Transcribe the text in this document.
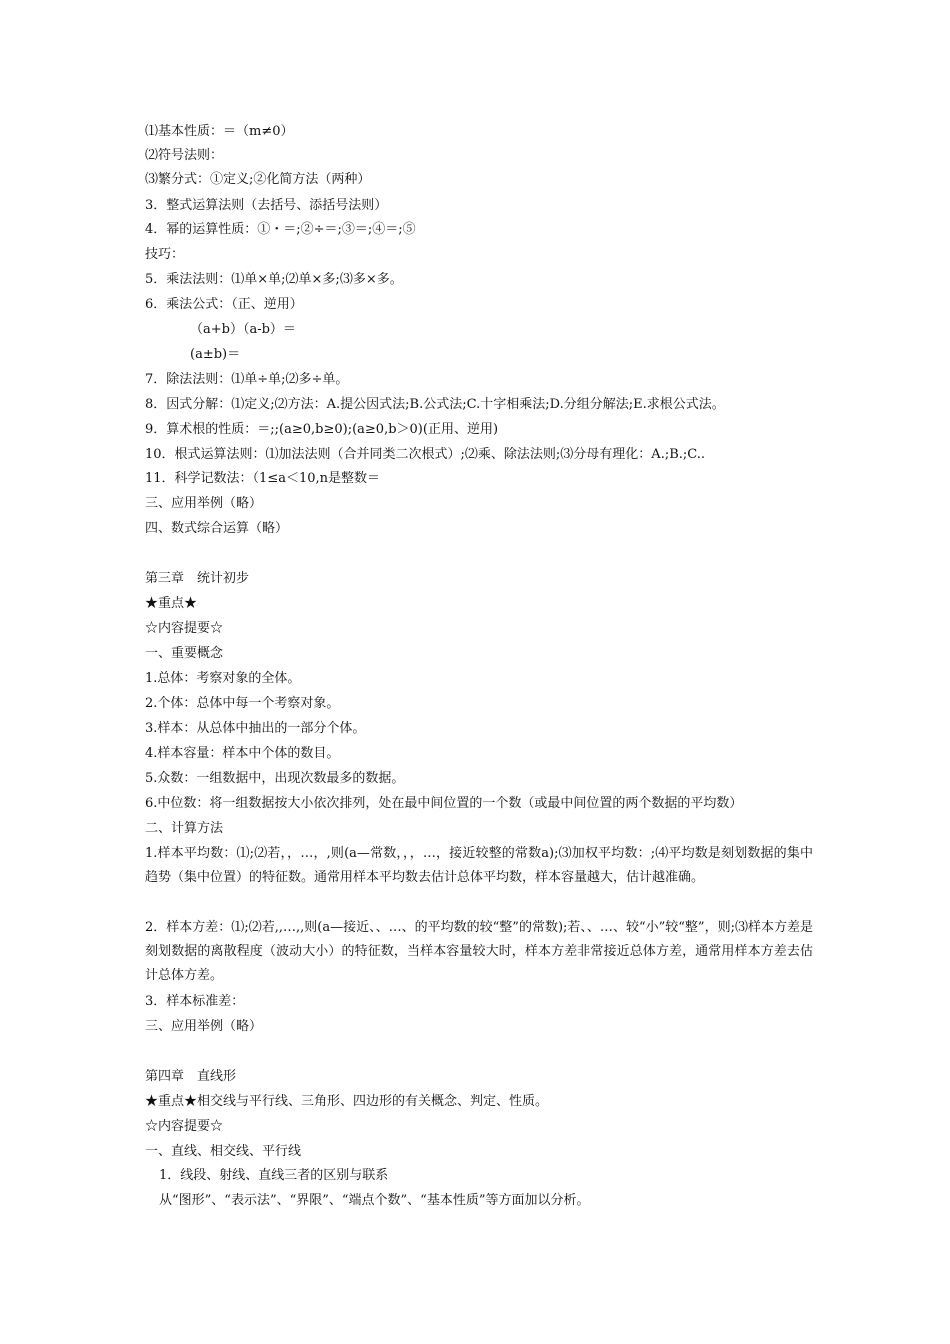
⑴基本性质：＝（m≠0）
⑵符号法则：
⑶繁分式：①定义;②化简方法（两种）
3．整式运算法则（去括号、添括号法则）
4．幂的运算性质：①・＝;②÷＝;③＝;④＝;⑤
技巧：
5．乘法法则：⑴单×单;⑵单×多;⑶多×多。
6．乘法公式：（正、逆用）
（a+b）（a-b）＝
(a±b)＝
7．除法法则：⑴单÷单;⑵多÷单。
8．因式分解：⑴定义;⑵方法：A.提公因式法;B.公式法;C.十字相乘法;D.分组分解法;E.求根公式法。
9．算术根的性质：＝;;(a≥0,b≥0);(a≥0,b＞0)(正用、逆用)
10．根式运算法则：⑴加法法则（合并同类二次根式）;⑵乘、除法法则;⑶分母有理化：A.;B.;C..
11．科学记数法：（1≤a＜10,n是整数＝
三、应用举例（略）
四、数式综合运算（略）
第三章　统计初步
★重点★
☆内容提要☆
一、重要概念
1.总体：考察对象的全体。
2.个体：总体中每一个考察对象。
3.样本：从总体中抽出的一部分个体。
4.样本容量：样本中个体的数目。
5.众数：一组数据中，出现次数最多的数据。
6.中位数：将一组数据按大小依次排列，处在最中间位置的一个数（或最中间位置的两个数据的平均数）
二、计算方法
1.样本平均数：⑴;⑵若，，…，,则(a—常数，，，…，接近较整的常数a);⑶加权平均数：;⑷平均数是刻划数据的集中趋势（集中位置）的特征数。通常用样本平均数去估计总体平均数，样本容量越大，估计越准确。
2．样本方差：⑴;⑵若,,…,,则(a—接近、、…、的平均数的较“整”的常数);若、、…、较“小”较“整”，则;⑶样本方差是刻划数据的离散程度（波动大小）的特征数，当样本容量较大时，样本方差非常接近总体方差，通常用样本方差去估计总体方差。
3．样本标准差：
三、应用举例（略）
第四章　直线形
★重点★相交线与平行线、三角形、四边形的有关概念、判定、性质。
☆内容提要☆
一、直线、相交线、平行线
1．线段、射线、直线三者的区别与联系
从“图形”、“表示法”、“界限”、“端点个数”、“基本性质”等方面加以分析。
